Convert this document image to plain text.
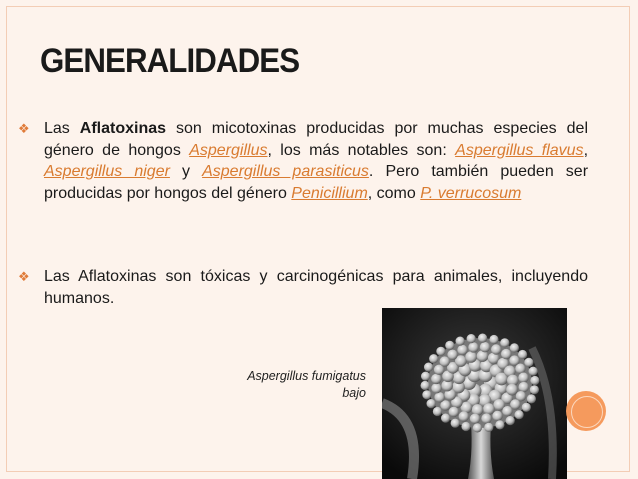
GENERALIDADES
❖ Las Aflatoxinas son micotoxinas producidas por muchas especies del género de hongos Aspergillus, los más notables son: Aspergillus flavus, Aspergillus niger y Aspergillus parasiticus. Pero también pueden ser producidas por hongos del género Penicillium, como P. verrucosum
❖ Las Aflatoxinas son tóxicas y carcinogénicas para animales, incluyendo humanos.
Aspergillus fumigatus
bajo
